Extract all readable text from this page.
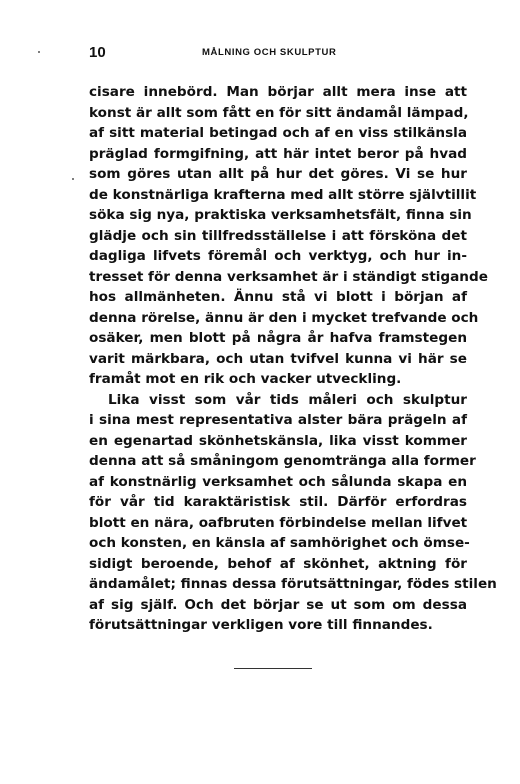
10	MÅLNING OCH SKULPTUR
cisare innebörd. Man börjar allt mera inse att
konst är allt som fått en för sitt ändamål lämpad,
af sitt material betingad och af en viss stilkänsla
präglad formgifning, att här intet beror på hvad
som göres utan allt på hur det göres. Vi se hur
de konstnärliga krafterna med allt större självtillit
söka sig nya, praktiska verksamhetsfält, finna sin
glädje och sin tillfredsställelse i att försköna det
dagliga lifvets föremål och verktyg, och hur in-
tresset för denna verksamhet är i ständigt stigande
hos allmänheten. Ännu stå vi blott i början af
denna rörelse, ännu är den i mycket trefvande och
osäker, men blott på några år hafva framstegen
varit märkbara, och utan tvifvel kunna vi här se
framåt mot en rik och vacker utveckling.
Lika visst som vår tids måleri och skulptur
i sina mest representativa alster bära prägeln af
en egenartad skönhetskänsla, lika visst kommer
denna att så småningom genomtränga alla former
af konstnärlig verksamhet och sålunda skapa en
för vår tid karaktäristisk stil. Därför erfordras
blott en nära, oafbruten förbindelse mellan lifvet
och konsten, en känsla af samhörighet och ömse-
sidigt beroende, behof af skönhet, aktning för
ändamålet; finnas dessa förutsättningar, födes stilen
af sig själf. Och det börjar se ut som om dessa
förutsättningar verkligen vore till finnandes.
